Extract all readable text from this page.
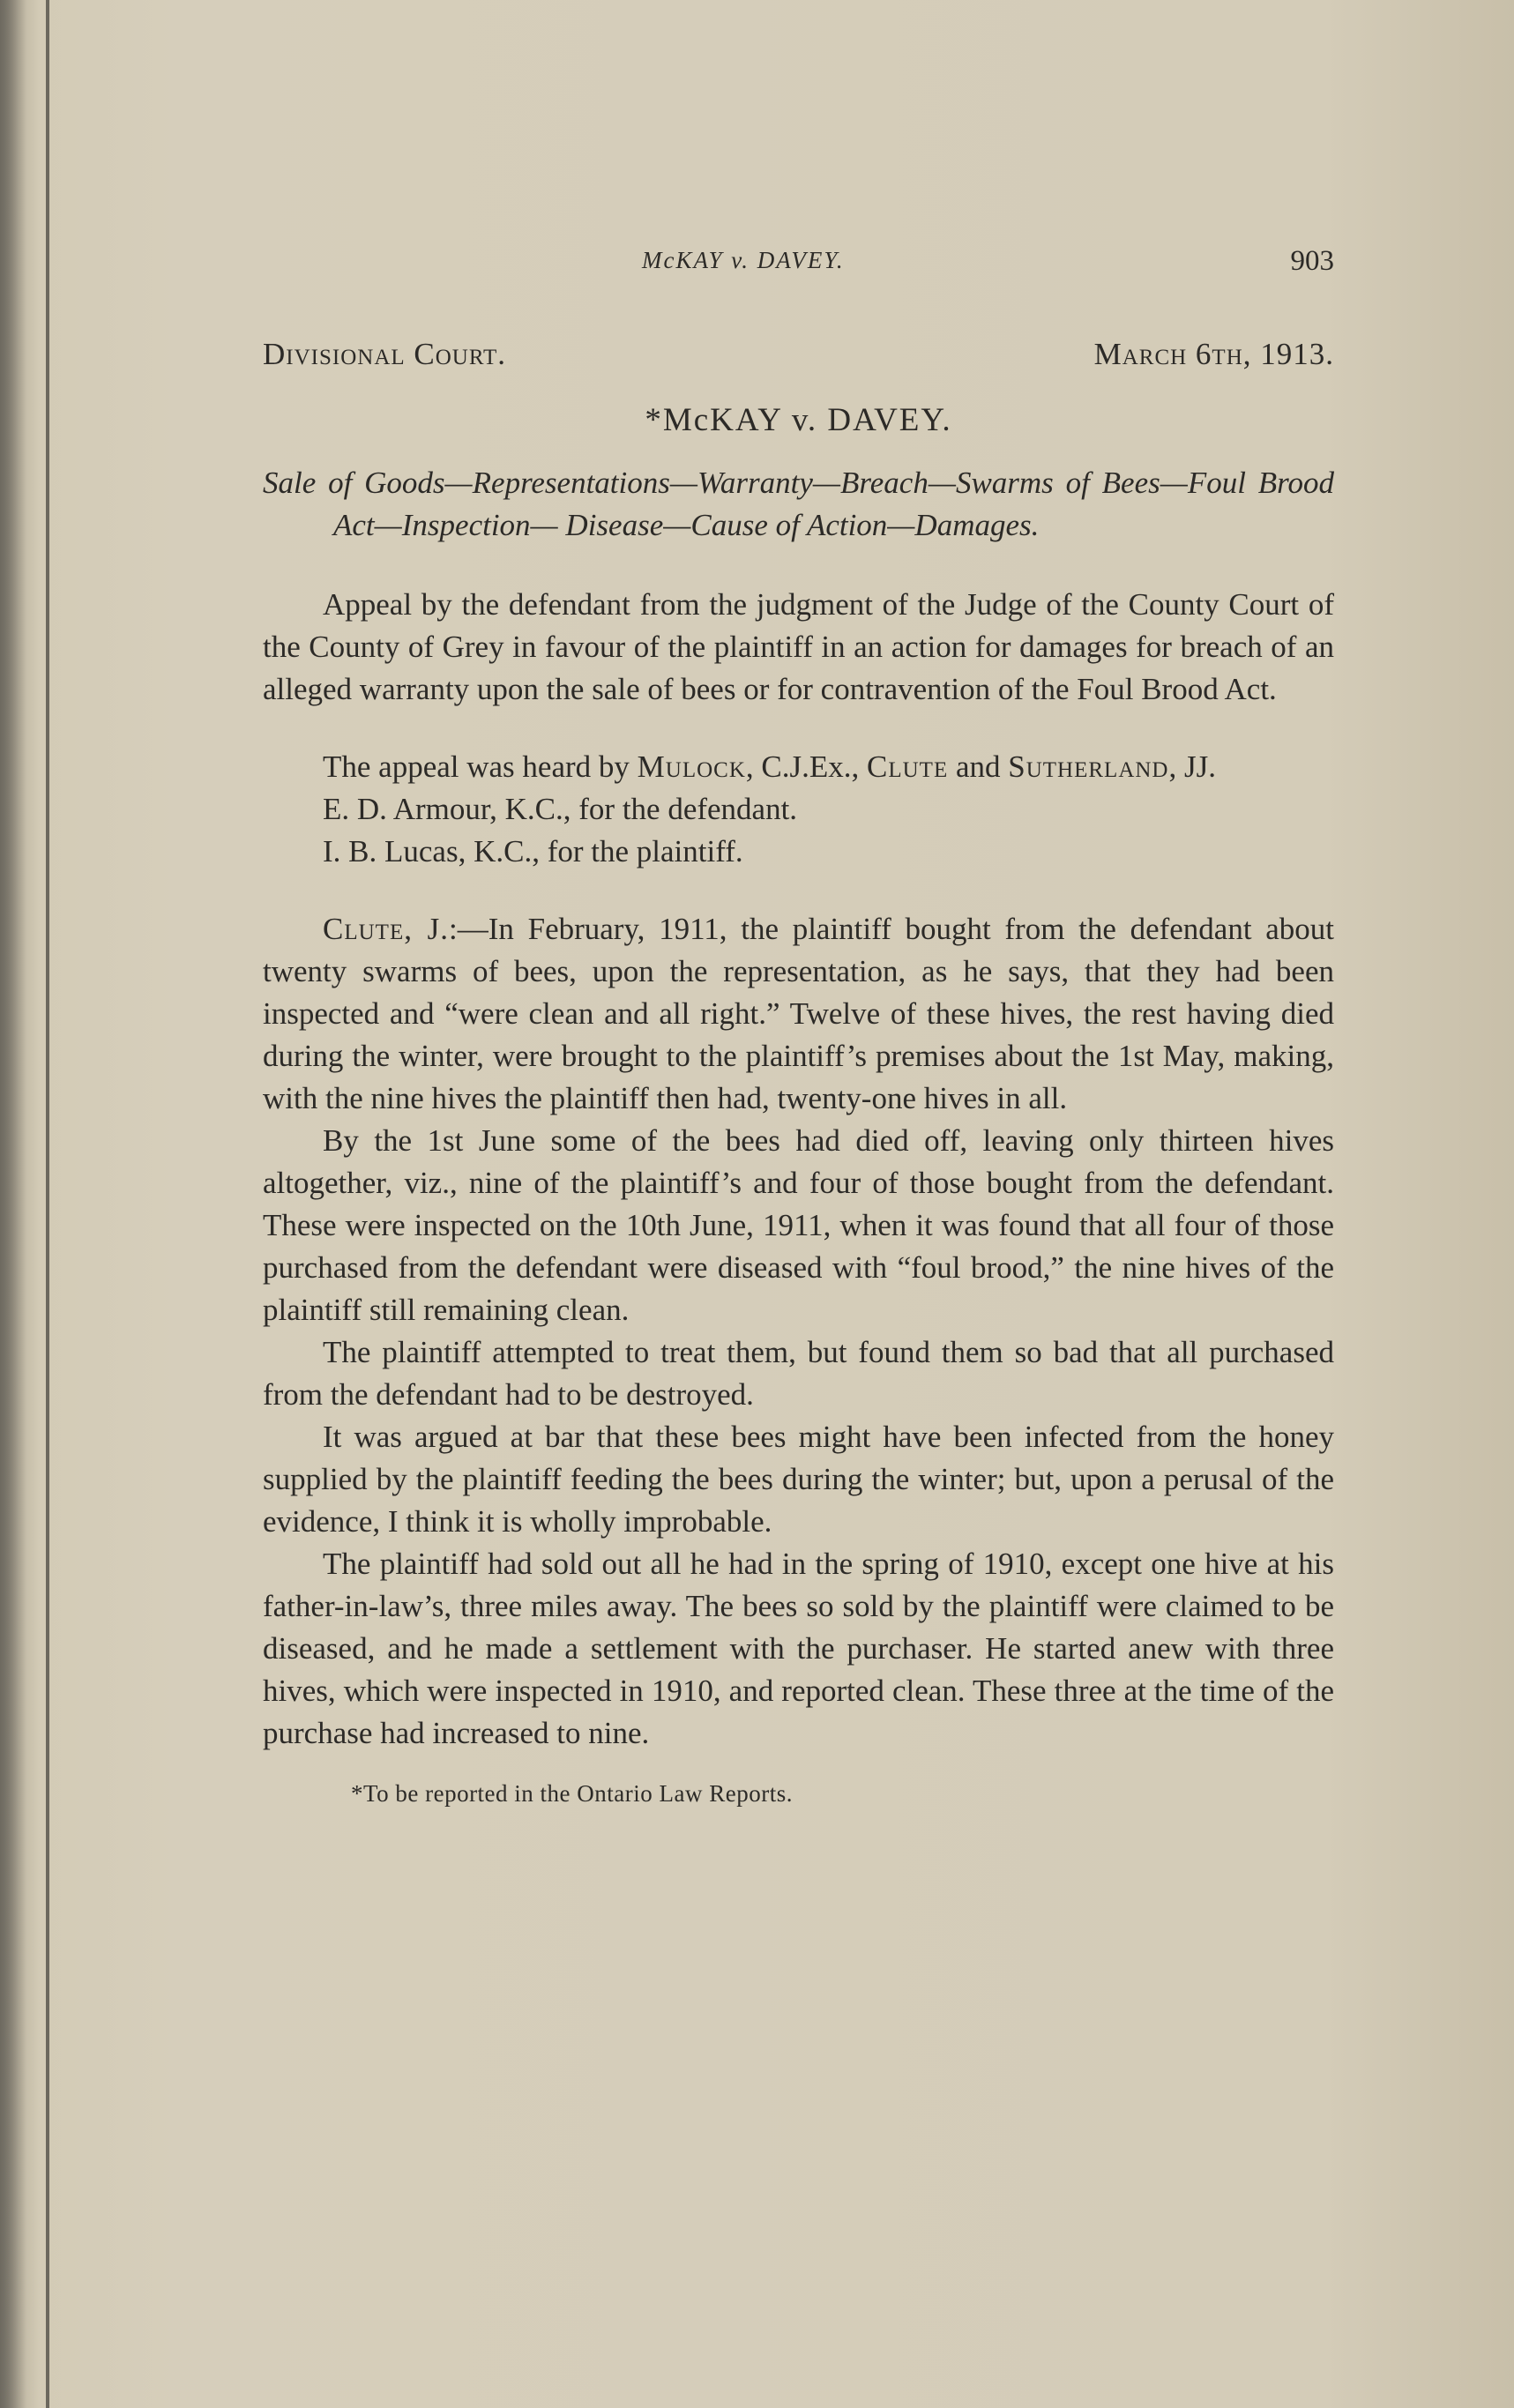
McKAY v. DAVEY.	903
Divisional Court.	March 6th, 1913.
*McKAY v. DAVEY.

Sale of Goods—Representations—Warranty—Breach—Swarms of Bees—Foul Brood Act—Inspection— Disease—Cause of Action—Damages.

Appeal by the defendant from the judgment of the Judge of the County Court of the County of Grey in favour of the plaintiff in an action for damages for breach of an alleged warranty upon the sale of bees or for contravention of the Foul Brood Act.

The appeal was heard by Mulock, C.J.Ex., Clute and Sutherland, JJ.

E. D. Armour, K.C., for the defendant.

I. B. Lucas, K.C., for the plaintiff.

Clute, J.:—In February, 1911, the plaintiff bought from the defendant about twenty swarms of bees, upon the representation, as he says, that they had been inspected and “were clean and all right.” Twelve of these hives, the rest having died during the winter, were brought to the plaintiff’s premises about the 1st May, making, with the nine hives the plaintiff then had, twenty-one hives in all.

By the 1st June some of the bees had died off, leaving only thirteen hives altogether, viz., nine of the plaintiff’s and four of those bought from the defendant. These were inspected on the 10th June, 1911, when it was found that all four of those purchased from the defendant were diseased with “foul brood,” the nine hives of the plaintiff still remaining clean.

The plaintiff attempted to treat them, but found them so bad that all purchased from the defendant had to be destroyed.

It was argued at bar that these bees might have been infected from the honey supplied by the plaintiff feeding the bees during the winter; but, upon a perusal of the evidence, I think it is wholly improbable.

The plaintiff had sold out all he had in the spring of 1910, except one hive at his father-in-law’s, three miles away. The bees so sold by the plaintiff were claimed to be diseased, and he made a settlement with the purchaser. He started anew with three hives, which were inspected in 1910, and reported clean. These three at the time of the purchase had increased to nine.

*To be reported in the Ontario Law Reports.
